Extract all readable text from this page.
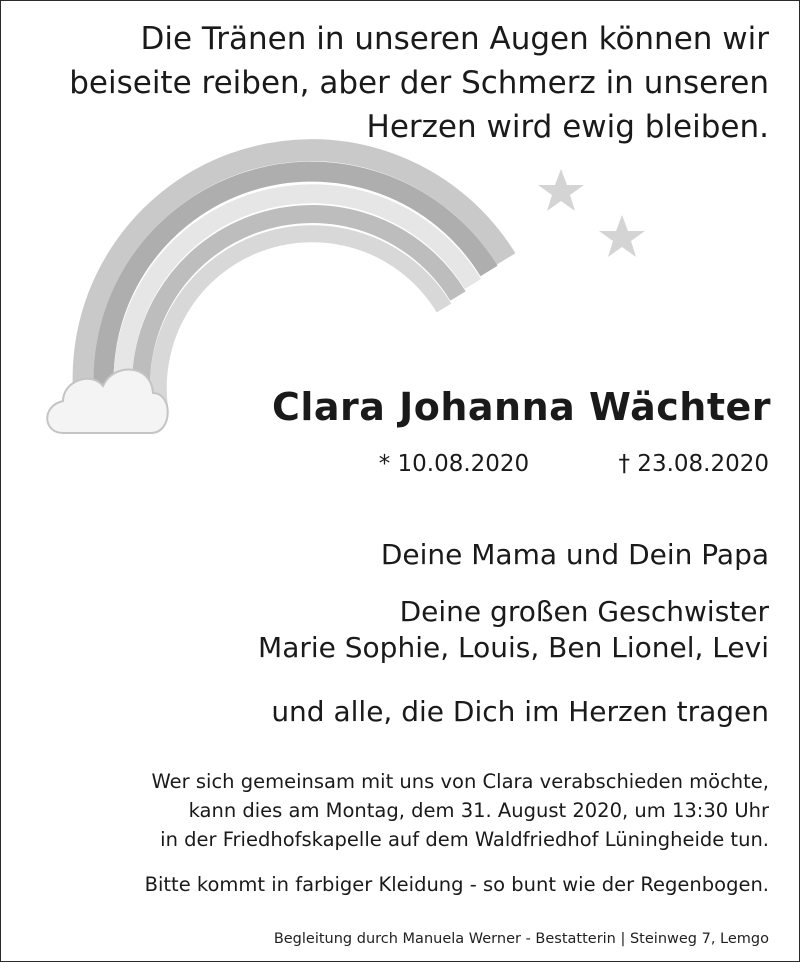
Die Tränen in unseren Augen können wir
beiseite reiben, aber der Schmerz in unseren
Herzen wird ewig bleiben.
Clara Johanna Wächter
* 10.08.2020	† 23.08.2020
Deine Mama und Dein Papa
Deine großen Geschwister
Marie Sophie, Louis, Ben Lionel, Levi
und alle, die Dich im Herzen tragen
Wer sich gemeinsam mit uns von Clara verabschieden möchte,
kann dies am Montag, dem 31. August 2020, um 13:30 Uhr
in der Friedhofskapelle auf dem Waldfriedhof Lüningheide tun.
Bitte kommt in farbiger Kleidung - so bunt wie der Regenbogen.
Begleitung durch Manuela Werner - Bestatterin | Steinweg 7, Lemgo
